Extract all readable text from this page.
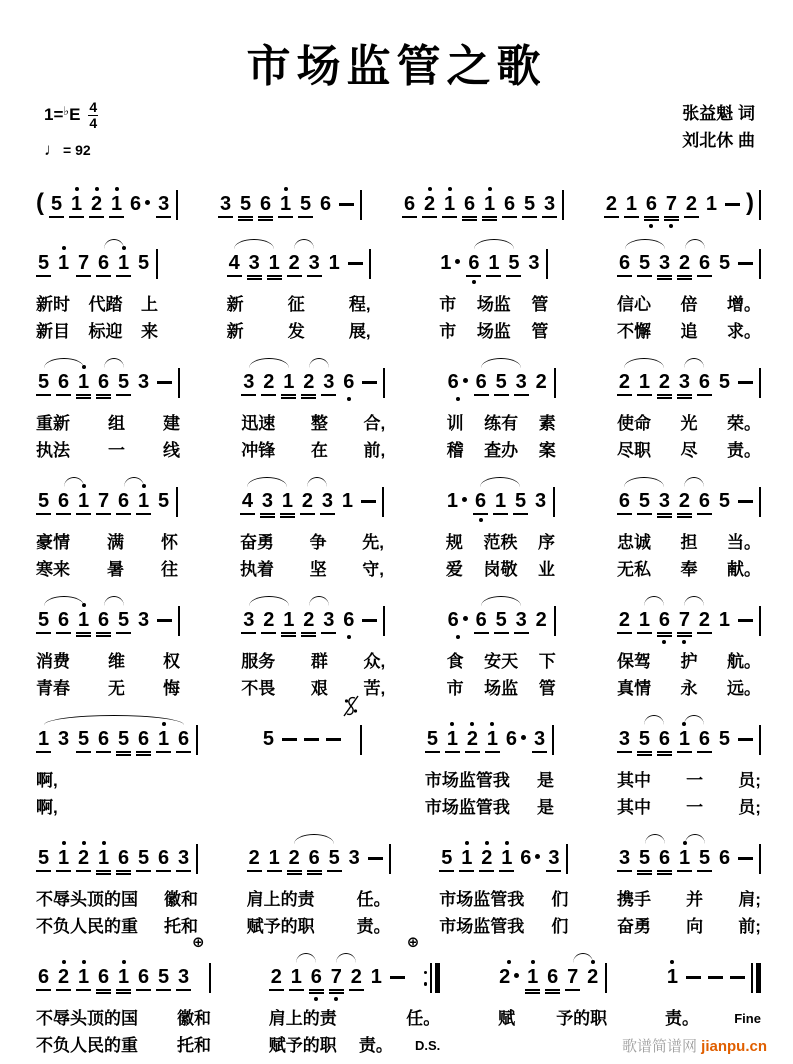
市场监管之歌
1=♭ E 4
4
♩ = 92
张益魁 词
刘北休 曲
( 5 1 2 1 6 3	3 5 6 1 5 6	6 2 1 6 1 6 5 3	2 1 6 7 2 1 )
5 1 7 6 1 5
新时 代踏 上
新目 标迎 来
4 3 1 2 3 1
新	征	程,
新	发	展,
1 6 1 5 3
市 场监 管
市 场监 管
6 5 3 2 6 5
信心 倍 增。
不懈 追 求。
5 6 1 6 5 3
重新 组 建
执法 一 线
3 2 1 2 3 6
迅速 整 合,
冲锋 在 前,
6 6 5 3 2
训 练有 素
稽 查办 案
2 1 2 3 6 5
使命 光 荣。
尽职 尽 责。
5 6 1 7 6 1 5
豪情 满 怀
寒来 暑 往
4 3 1 2 3 1
奋勇 争 先,
执着 坚 守,
1 6 1 5 3
规 范秩 序
爱 岗敬 业
6 5 3 2 6 5
忠诚 担 当。
无私 奉 献。
5 6 1 6 5 3
消费 维 权
青春 无 悔
3 2 1 2 3 6
服务 群 众,
不畏 艰 苦,
6 6 5 3 2
食 安天 下
市 场监 管
2 1 6 7 2 1
保驾 护 航。
真情 永 远。
1 3 5 6 5 6 1 6
啊,
啊,
5	5 1 2 1 6 3
市场监管我 是
市场监管我 是
3 5 6 1 6 5
其中 一 员;
其中 一 员;
5 1 2 1 6 5 6 3
不辱头顶的国 徽和
不负人民的重 托和
2 1 2 6 5 3
肩上的责 任。
赋予的职 责。
5 1 2 1 6 3
市场监管我 们
市场监管我 们
3 5 6 1 5 6
携手 并 肩;
奋勇 向 前;
6 2 1 6 1 6 5 3
⊕
不辱头顶的国 徽和
不负人民的重 托和
2 1 6 7 2 1
⊕
肩上的责	任。
赋予的职 责。 D.S.
2 1 6 7 2
赋 予的职
1
责。	Fine
歌谱简谱网 jianpu.cn
